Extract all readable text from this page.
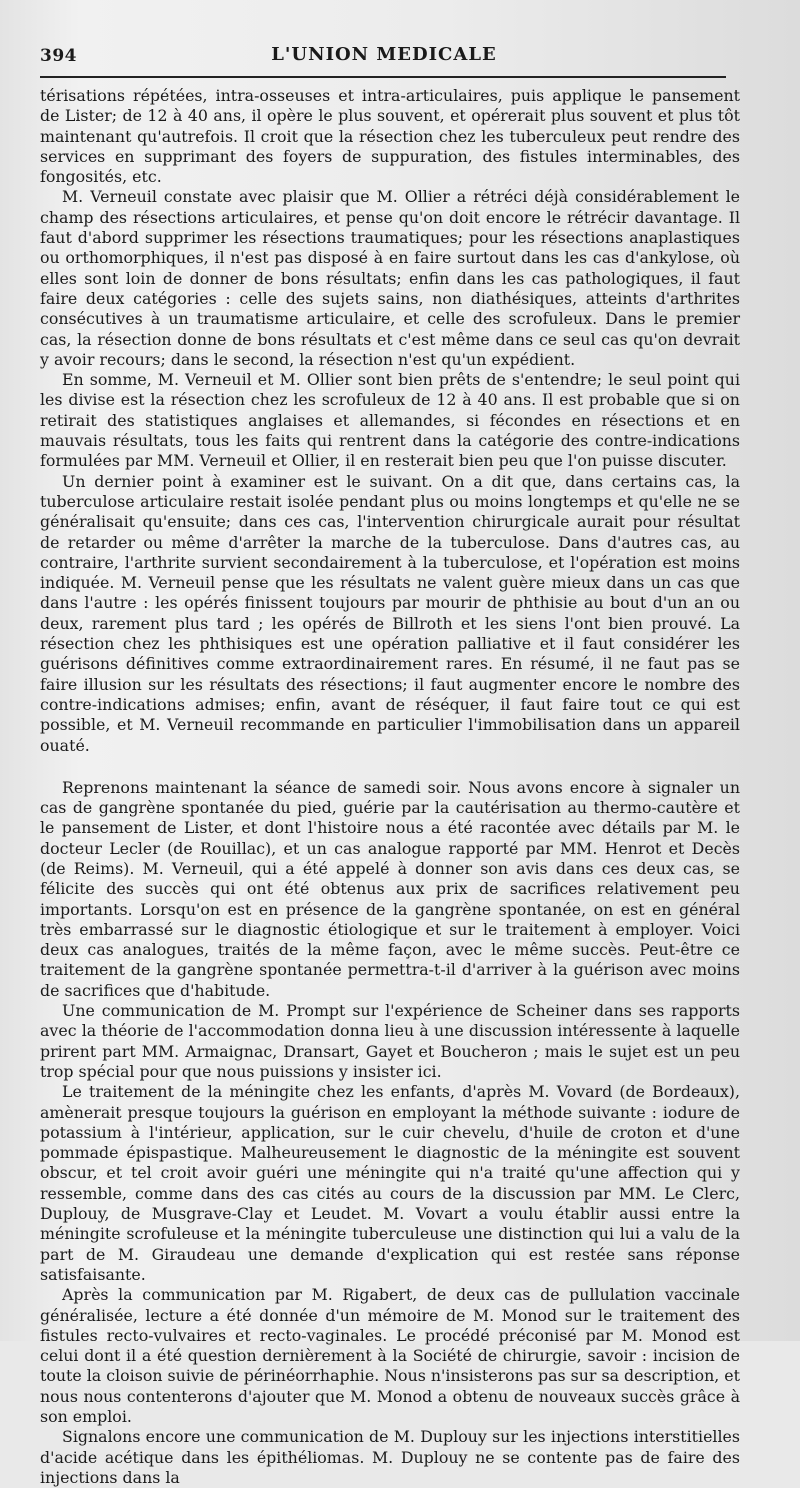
394	L'UNION MEDICALE

térisations répétées, intra-osseuses et intra-articulaires, puis applique le pansement de Lister; de 12 à 40 ans, il opère le plus souvent, et opérerait plus souvent et plus tôt maintenant qu'autrefois. Il croit que la résection chez les tuberculeux peut rendre des services en supprimant des foyers de suppuration, des fistules interminables, des fongosités, etc.

M. Verneuil constate avec plaisir que M. Ollier a rétréci déjà considérablement le champ des résections articulaires, et pense qu'on doit encore le rétrécir davantage. Il faut d'abord supprimer les résections traumatiques; pour les résections anaplastiques ou orthomorphiques, il n'est pas disposé à en faire surtout dans les cas d'ankylose, où elles sont loin de donner de bons résultats; enfin dans les cas pathologiques, il faut faire deux catégories : celle des sujets sains, non diathésiques, atteints d'arthrites consécutives à un traumatisme articulaire, et celle des scrofuleux. Dans le premier cas, la résection donne de bons résultats et c'est même dans ce seul cas qu'on devrait y avoir recours; dans le second, la résection n'est qu'un expédient.

En somme, M. Verneuil et M. Ollier sont bien prêts de s'entendre; le seul point qui les divise est la résection chez les scrofuleux de 12 à 40 ans. Il est probable que si on retirait des statistiques anglaises et allemandes, si fécondes en résections et en mauvais résultats, tous les faits qui rentrent dans la catégorie des contre-indications formulées par MM. Verneuil et Ollier, il en resterait bien peu que l'on puisse discuter.

Un dernier point à examiner est le suivant. On a dit que, dans certains cas, la tuberculose articulaire restait isolée pendant plus ou moins longtemps et qu'elle ne se généralisait qu'ensuite; dans ces cas, l'intervention chirurgicale aurait pour résultat de retarder ou même d'arrêter la marche de la tuberculose. Dans d'autres cas, au contraire, l'arthrite survient secondairement à la tuberculose, et l'opération est moins indiquée. M. Verneuil pense que les résultats ne valent guère mieux dans un cas que dans l'autre : les opérés finissent toujours par mourir de phthisie au bout d'un an ou deux, rarement plus tard ; les opérés de Billroth et les siens l'ont bien prouvé. La résection chez les phthisiques est une opération palliative et il faut considérer les guérisons définitives comme extraordinairement rares. En résumé, il ne faut pas se faire illusion sur les résultats des résections; il faut augmenter encore le nombre des contre-indications admises; enfin, avant de réséquer, il faut faire tout ce qui est possible, et M. Verneuil recommande en particulier l'immobilisation dans un appareil ouaté.

Reprenons maintenant la séance de samedi soir. Nous avons encore à signaler un cas de gangrène spontanée du pied, guérie par la cautérisation au thermo-cautère et le pansement de Lister, et dont l'histoire nous a été racontée avec détails par M. le docteur Lecler (de Rouillac), et un cas analogue rapporté par MM. Henrot et Decès (de Reims). M. Verneuil, qui a été appelé à donner son avis dans ces deux cas, se félicite des succès qui ont été obtenus aux prix de sacrifices relativement peu importants. Lorsqu'on est en présence de la gangrène spontanée, on est en général très embarrassé sur le diagnostic étiologique et sur le traitement à employer. Voici deux cas analogues, traités de la même façon, avec le même succès. Peut-être ce traitement de la gangrène spontanée permettra-t-il d'arriver à la guérison avec moins de sacrifices que d'habitude.

Une communication de M. Prompt sur l'expérience de Scheiner dans ses rapports avec la théorie de l'accommodation donna lieu à une discussion intéressente à laquelle prirent part MM. Armaignac, Dransart, Gayet et Boucheron ; mais le sujet est un peu trop spécial pour que nous puissions y insister ici.

Le traitement de la méningite chez les enfants, d'après M. Vovard (de Bordeaux), amènerait presque toujours la guérison en employant la méthode suivante : iodure de potassium à l'intérieur, application, sur le cuir chevelu, d'huile de croton et d'une pommade épispastique. Malheureusement le diagnostic de la méningite est souvent obscur, et tel croit avoir guéri une méningite qui n'a traité qu'une affection qui y ressemble, comme dans des cas cités au cours de la discussion par MM. Le Clerc, Duplouy, de Musgrave-Clay et Leudet. M. Vovart a voulu établir aussi entre la méningite scrofuleuse et la méningite tuberculeuse une distinction qui lui a valu de la part de M. Giraudeau une demande d'explication qui est restée sans réponse satisfaisante.

Après la communication par M. Rigabert, de deux cas de pullulation vaccinale généralisée, lecture a été donnée d'un mémoire de M. Monod sur le traitement des fistules recto-vulvaires et recto-vaginales. Le procédé préconisé par M. Monod est celui dont il a été question dernièrement à la Société de chirurgie, savoir : incision de toute la cloison suivie de périnéorrhaphie. Nous n'insisterons pas sur sa description, et nous nous contenterons d'ajouter que M. Monod a obtenu de nouveaux succès grâce à son emploi.

Signalons encore une communication de M. Duplouy sur les injections interstitielles d'acide acétique dans les épithéliomas. M. Duplouy ne se contente pas de faire des injections dans la
